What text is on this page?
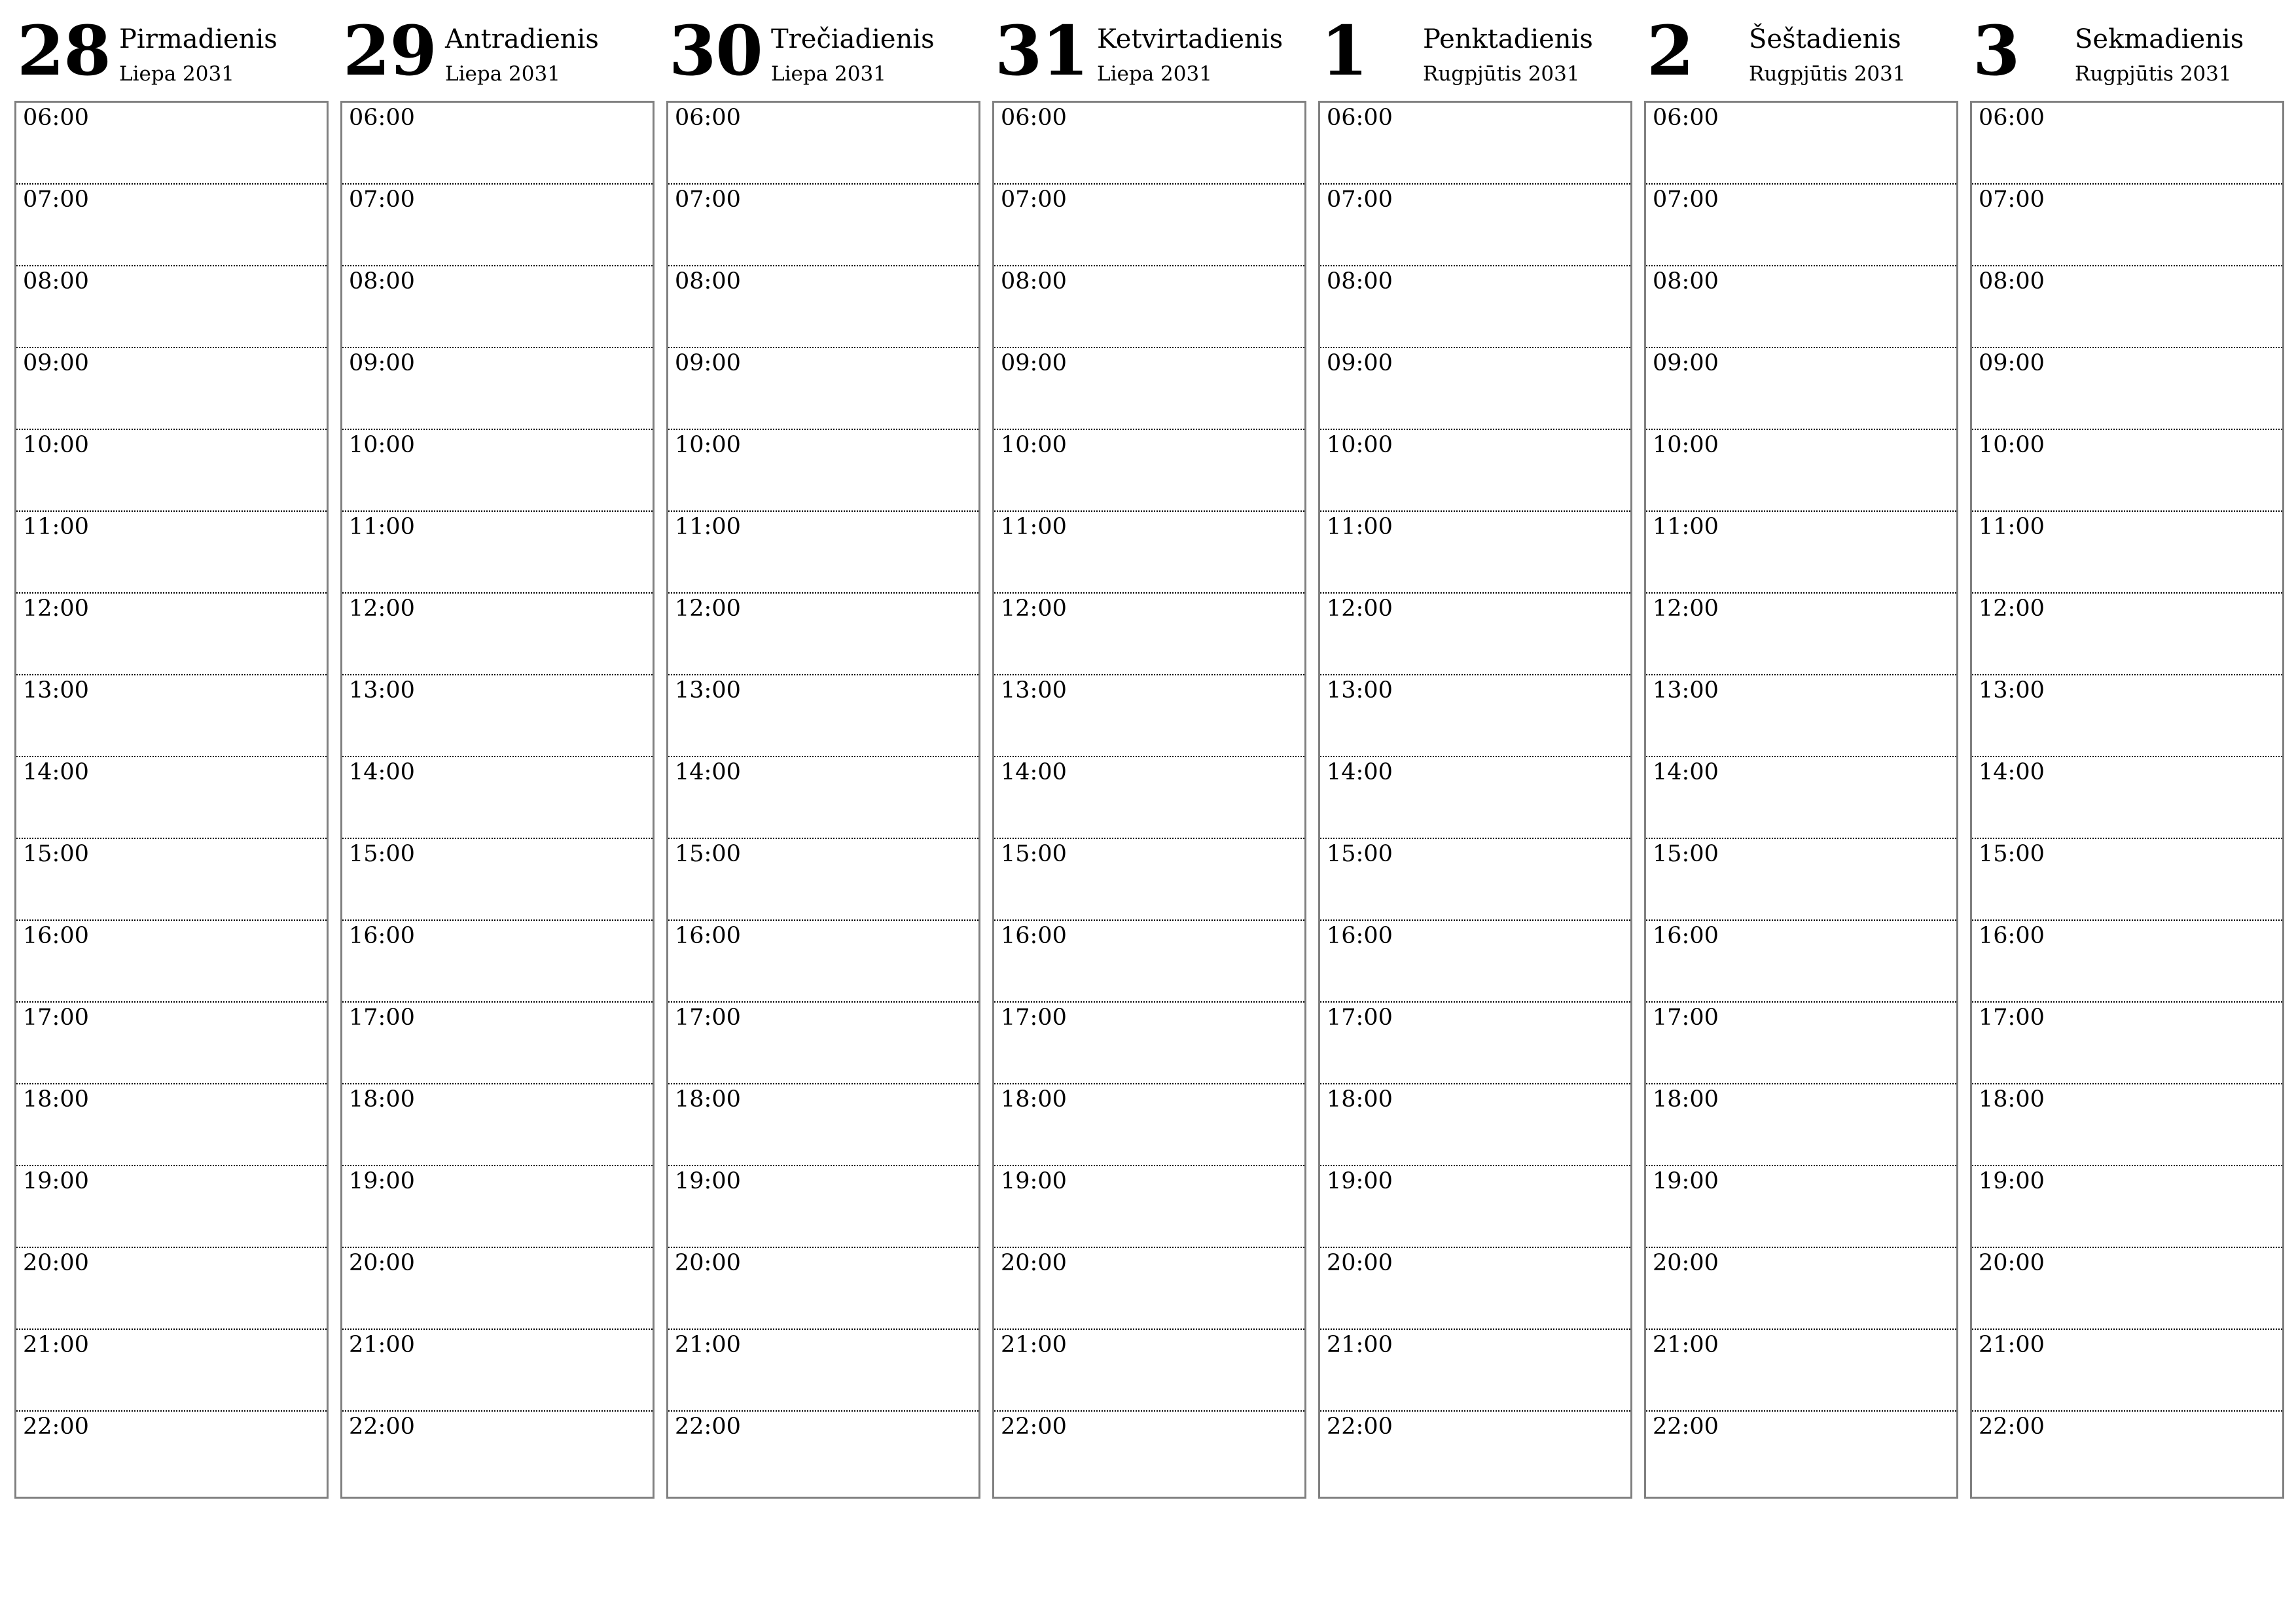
28 Pirmadienis
Liepa 2031
06:00
07:00
08:00
09:00
10:00
11:00
12:00
13:00
14:00
15:00
16:00
17:00
18:00
19:00
20:00
21:00
22:00
29 Antradienis
Liepa 2031
06:00
07:00
08:00
09:00
10:00
11:00
12:00
13:00
14:00
15:00
16:00
17:00
18:00
19:00
20:00
21:00
22:00
30 Trečiadienis
Liepa 2031
06:00
07:00
08:00
09:00
10:00
11:00
12:00
13:00
14:00
15:00
16:00
17:00
18:00
19:00
20:00
21:00
22:00
31 Ketvirtadienis
Liepa 2031
06:00
07:00
08:00
09:00
10:00
11:00
12:00
13:00
14:00
15:00
16:00
17:00
18:00
19:00
20:00
21:00
22:00
1 Penktadienis
Rugpjūtis 2031
06:00
07:00
08:00
09:00
10:00
11:00
12:00
13:00
14:00
15:00
16:00
17:00
18:00
19:00
20:00
21:00
22:00
2 Šeštadienis
Rugpjūtis 2031
06:00
07:00
08:00
09:00
10:00
11:00
12:00
13:00
14:00
15:00
16:00
17:00
18:00
19:00
20:00
21:00
22:00
3 Sekmadienis
Rugpjūtis 2031
06:00
07:00
08:00
09:00
10:00
11:00
12:00
13:00
14:00
15:00
16:00
17:00
18:00
19:00
20:00
21:00
22:00
